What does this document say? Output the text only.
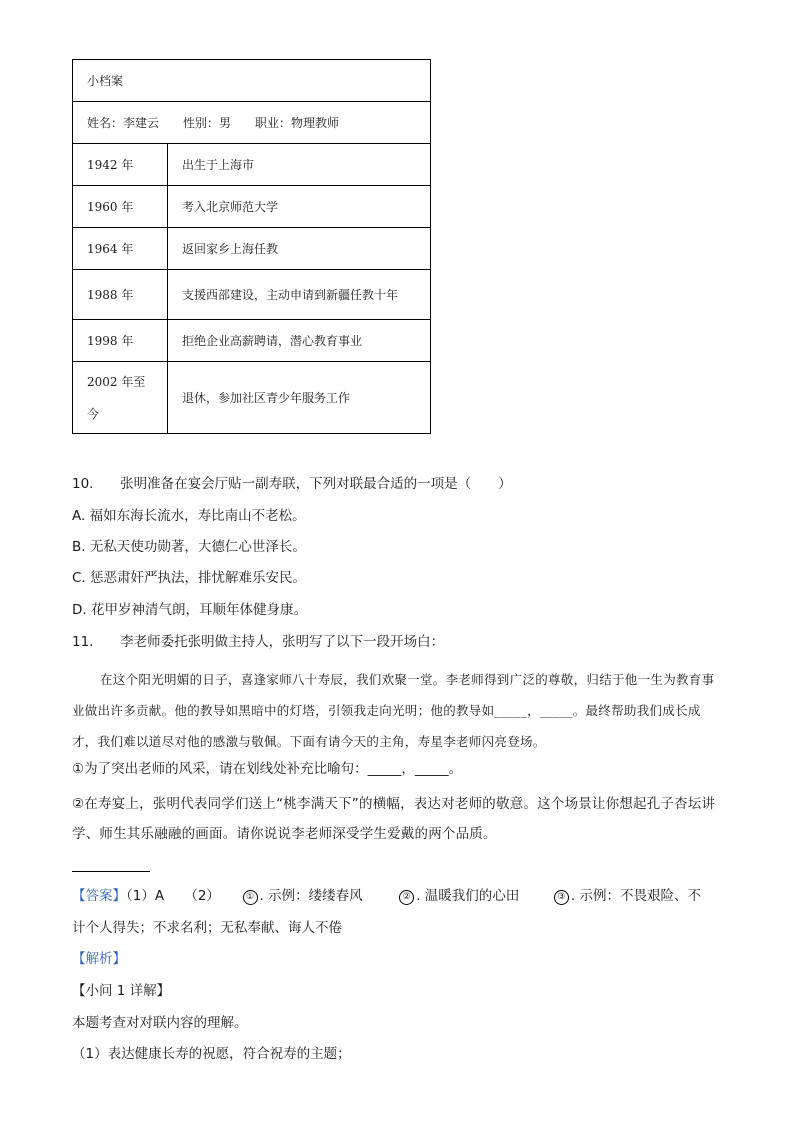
小档案	
姓名：李建云　　性别：男　　职业：物理教师	
1942 年	出生于上海市
1960 年	考入北京师范大学
1964 年	返回家乡上海任教
1988 年	支援西部建设，主动申请到新疆任教十年
1998 年	拒绝企业高薪聘请，潜心教育事业
2002 年至今	退休，参加社区青少年服务工作
10. 张明准备在宴会厅贴一副寿联，下列对联最合适的一项是（　　）
A. 福如东海长流水，寿比南山不老松。
B. 无私天使功勋著，大德仁心世泽长。
C. 惩恶肃奸严执法，排忧解难乐安民。
D. 花甲岁神清气朗，耳顺年体健身康。
11. 李老师委托张明做主持人，张明写了以下一段开场白：
在这个阳光明媚的日子，喜逢家师八十寿辰，我们欢聚一堂。李老师得到广泛的尊敬，归结于他一生为教育事业做出许多贡献。他的教导如黑暗中的灯塔，引领我走向光明；他的教导如_____，_____。最终帮助我们成长成才，我们难以道尽对他的感激与敬佩。下面有请今天的主角，寿星李老师闪亮登场。
①为了突出老师的风采，请在划线处补充比喻句：_____，_____。
②在寿宴上，张明代表同学们送上“桃李满天下”的横幅，表达对老师的敬意。这个场景让你想起孔子杏坛讲学、师生其乐融融的画面。请你说说李老师深受学生爱戴的两个品质。
【答案】（1）A　　（2）	① . 示例：缕缕春风	② . 温暖我们的心田	③ . 示例：不畏艰险、不
计个人得失；不求名利；无私奉献、诲人不倦
【解析】
【小问 1 详解】
本题考查对对联内容的理解。
（1）表达健康长寿的祝愿，符合祝寿的主题；
